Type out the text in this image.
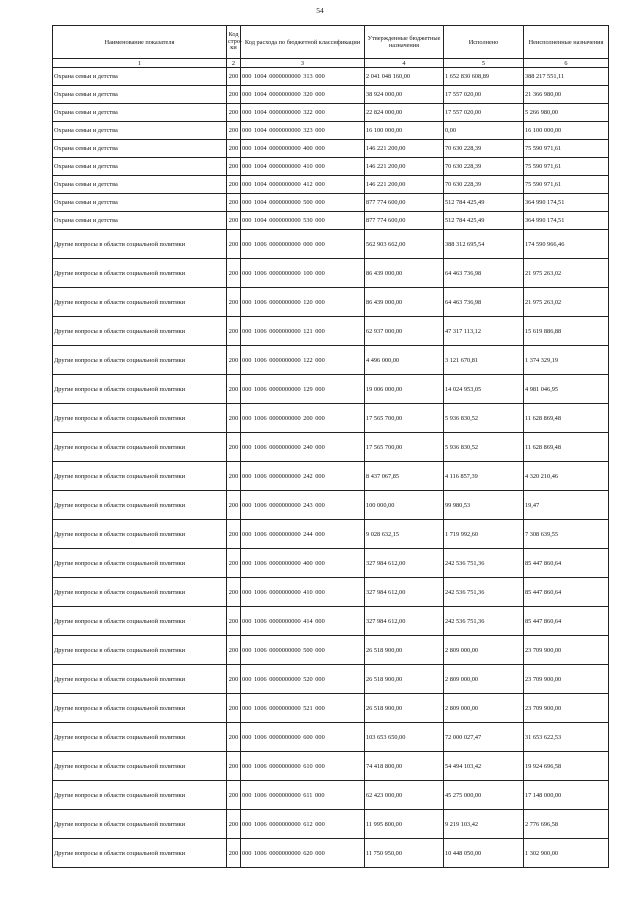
54
Наименование показателя	Код стро-ки	Код расхода по бюджетной классификации	Утвержденные бюджетные назначения	Исполнено	Неисполненные назначения
1	2	3	4	5	6
Охрана семьи и детства	200	000 1004 0000000000 313 000	2 041 048 160,00	1 652 830 608,89	388 217 551,11
Охрана семьи и детства	200	000 1004 0000000000 320 000	38 924 000,00	17 557 020,00	21 366 980,00
Охрана семьи и детства	200	000 1004 0000000000 322 000	22 824 000,00	17 557 020,00	5 266 980,00
Охрана семьи и детства	200	000 1004 0000000000 323 000	16 100 000,00	0,00	16 100 000,00
Охрана семьи и детства	200	000 1004 0000000000 400 000	146 221 200,00	70 630 228,39	75 590 971,61
Охрана семьи и детства	200	000 1004 0000000000 410 000	146 221 200,00	70 630 228,39	75 590 971,61
Охрана семьи и детства	200	000 1004 0000000000 412 000	146 221 200,00	70 630 228,39	75 590 971,61
Охрана семьи и детства	200	000 1004 0000000000 500 000	877 774 600,00	512 784 425,49	364 990 174,51
Охрана семьи и детства	200	000 1004 0000000000 530 000	877 774 600,00	512 784 425,49	364 990 174,51
Другие вопросы в области социальной политики	200	000 1006 0000000000 000 000	562 903 662,00	388 312 695,54	174 590 966,46
Другие вопросы в области социальной политики	200	000 1006 0000000000 100 000	86 439 000,00	64 463 736,98	21 975 263,02
Другие вопросы в области социальной политики	200	000 1006 0000000000 120 000	86 439 000,00	64 463 736,98	21 975 263,02
Другие вопросы в области социальной политики	200	000 1006 0000000000 121 000	62 937 000,00	47 317 113,12	15 619 886,88
Другие вопросы в области социальной политики	200	000 1006 0000000000 122 000	4 496 000,00	3 121 670,81	1 374 329,19
Другие вопросы в области социальной политики	200	000 1006 0000000000 129 000	19 006 000,00	14 024 953,05	4 981 046,95
Другие вопросы в области социальной политики	200	000 1006 0000000000 200 000	17 565 700,00	5 936 830,52	11 628 869,48
Другие вопросы в области социальной политики	200	000 1006 0000000000 240 000	17 565 700,00	5 936 830,52	11 628 869,48
Другие вопросы в области социальной политики	200	000 1006 0000000000 242 000	8 437 067,85	4 116 857,39	4 320 210,46
Другие вопросы в области социальной политики	200	000 1006 0000000000 243 000	100 000,00	99 980,53	19,47
Другие вопросы в области социальной политики	200	000 1006 0000000000 244 000	9 028 632,15	1 719 992,60	7 308 639,55
Другие вопросы в области социальной политики	200	000 1006 0000000000 400 000	327 984 612,00	242 536 751,36	85 447 860,64
Другие вопросы в области социальной политики	200	000 1006 0000000000 410 000	327 984 612,00	242 536 751,36	85 447 860,64
Другие вопросы в области социальной политики	200	000 1006 0000000000 414 000	327 984 612,00	242 536 751,36	85 447 860,64
Другие вопросы в области социальной политики	200	000 1006 0000000000 500 000	26 518 900,00	2 809 000,00	23 709 900,00
Другие вопросы в области социальной политики	200	000 1006 0000000000 520 000	26 518 900,00	2 809 000,00	23 709 900,00
Другие вопросы в области социальной политики	200	000 1006 0000000000 521 000	26 518 900,00	2 809 000,00	23 709 900,00
Другие вопросы в области социальной политики	200	000 1006 0000000000 600 000	103 653 650,00	72 000 027,47	31 653 622,53
Другие вопросы в области социальной политики	200	000 1006 0000000000 610 000	74 418 800,00	54 494 103,42	19 924 696,58
Другие вопросы в области социальной политики	200	000 1006 0000000000 611 000	62 423 000,00	45 275 000,00	17 148 000,00
Другие вопросы в области социальной политики	200	000 1006 0000000000 612 000	11 995 800,00	9 219 103,42	2 776 696,58
Другие вопросы в области социальной политики	200	000 1006 0000000000 620 000	11 750 950,00	10 448 050,00	1 302 900,00
